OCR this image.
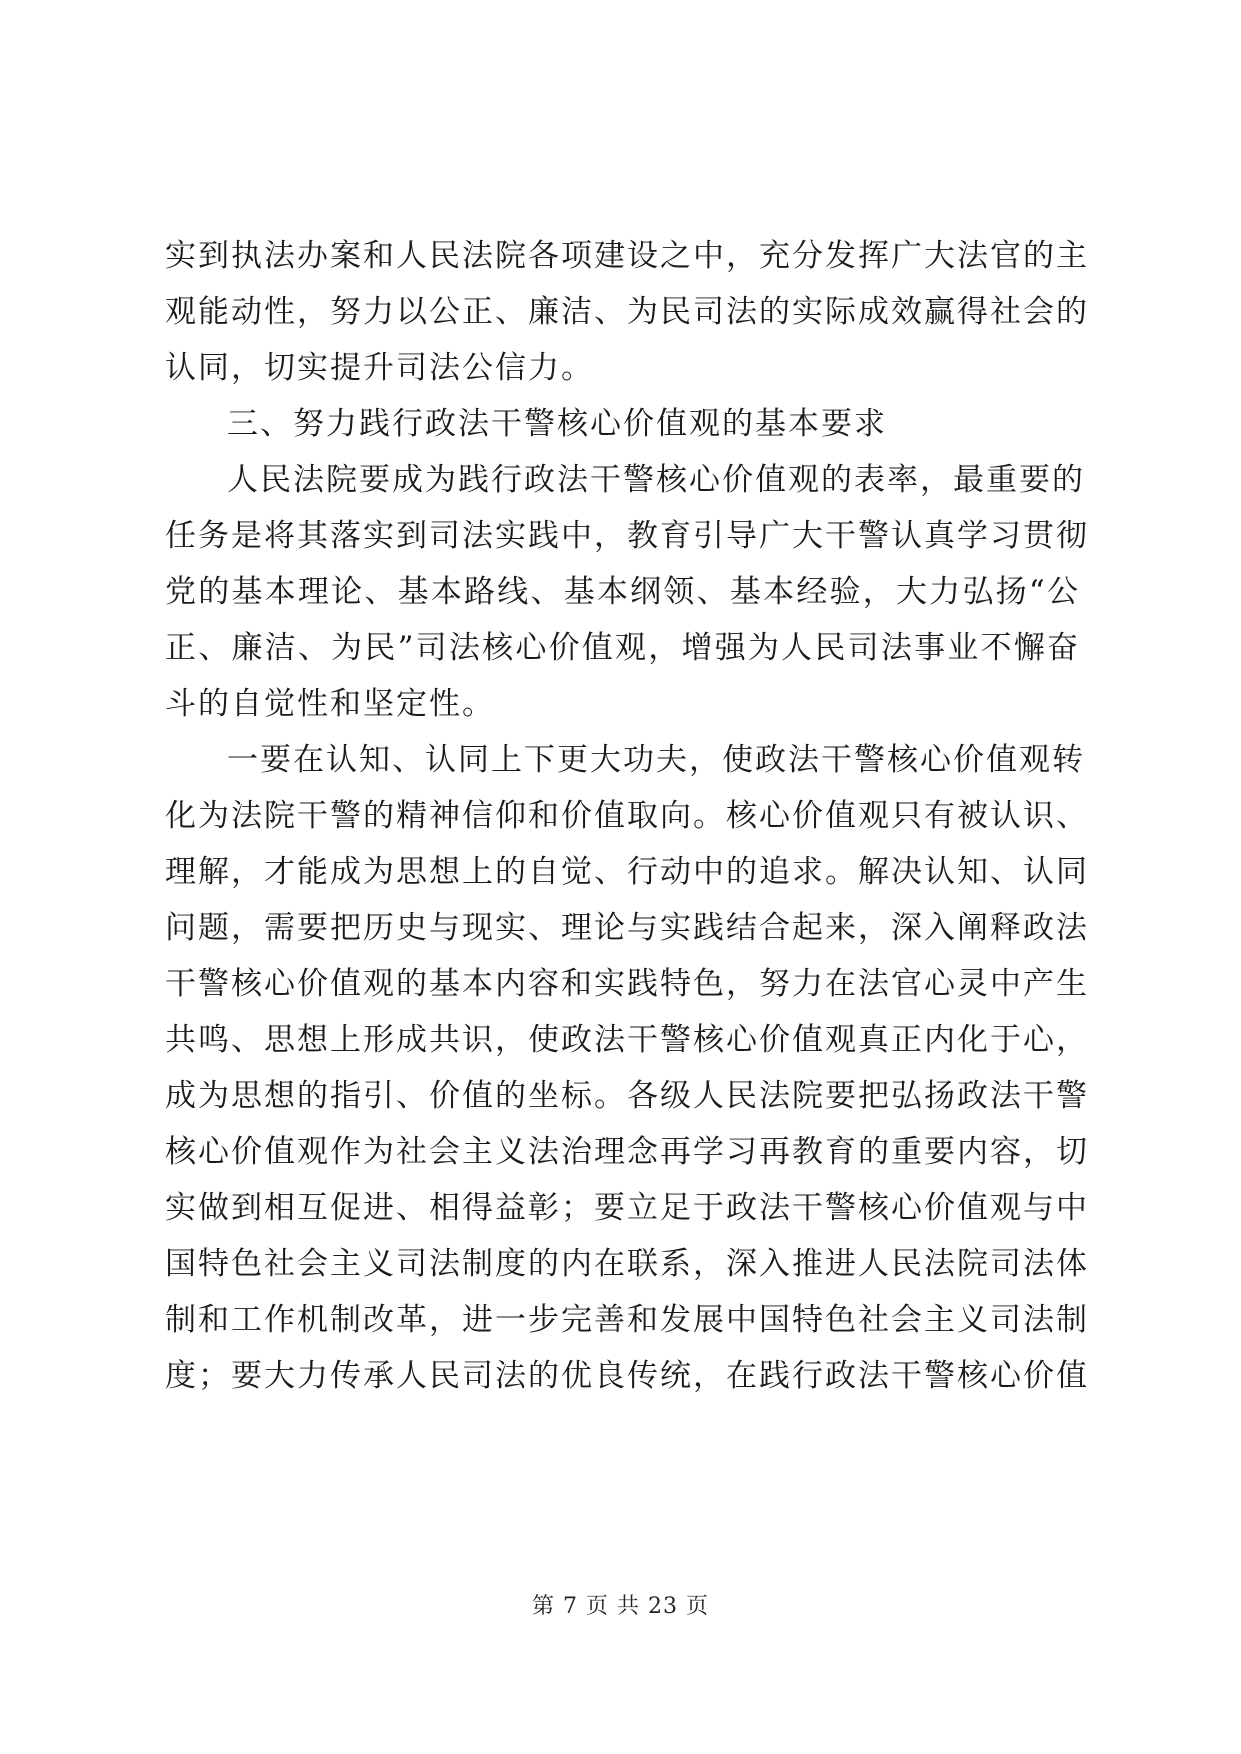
实到执法办案和人民法院各项建设之中，充分发挥广大法官的主
观能动性，努力以公正、廉洁、为民司法的实际成效赢得社会的
认同，切实提升司法公信力。
三、努力践行政法干警核心价值观的基本要求
人民法院要成为践行政法干警核心价值观的表率，最重要的
任务是将其落实到司法实践中，教育引导广大干警认真学习贯彻
党的基本理论、基本路线、基本纲领、基本经验，大力弘扬“公
正、廉洁、为民”司法核心价值观，增强为人民司法事业不懈奋
斗的自觉性和坚定性。
一要在认知、认同上下更大功夫，使政法干警核心价值观转
化为法院干警的精神信仰和价值取向。核心价值观只有被认识、
理解，才能成为思想上的自觉、行动中的追求。解决认知、认同
问题，需要把历史与现实、理论与实践结合起来，深入阐释政法
干警核心价值观的基本内容和实践特色，努力在法官心灵中产生
共鸣、思想上形成共识，使政法干警核心价值观真正内化于心，
成为思想的指引、价值的坐标。各级人民法院要把弘扬政法干警
核心价值观作为社会主义法治理念再学习再教育的重要内容，切
实做到相互促进、相得益彰；要立足于政法干警核心价值观与中
国特色社会主义司法制度的内在联系，深入推进人民法院司法体
制和工作机制改革，进一步完善和发展中国特色社会主义司法制
度；要大力传承人民司法的优良传统，在践行政法干警核心价值
第 7 页 共 23 页
